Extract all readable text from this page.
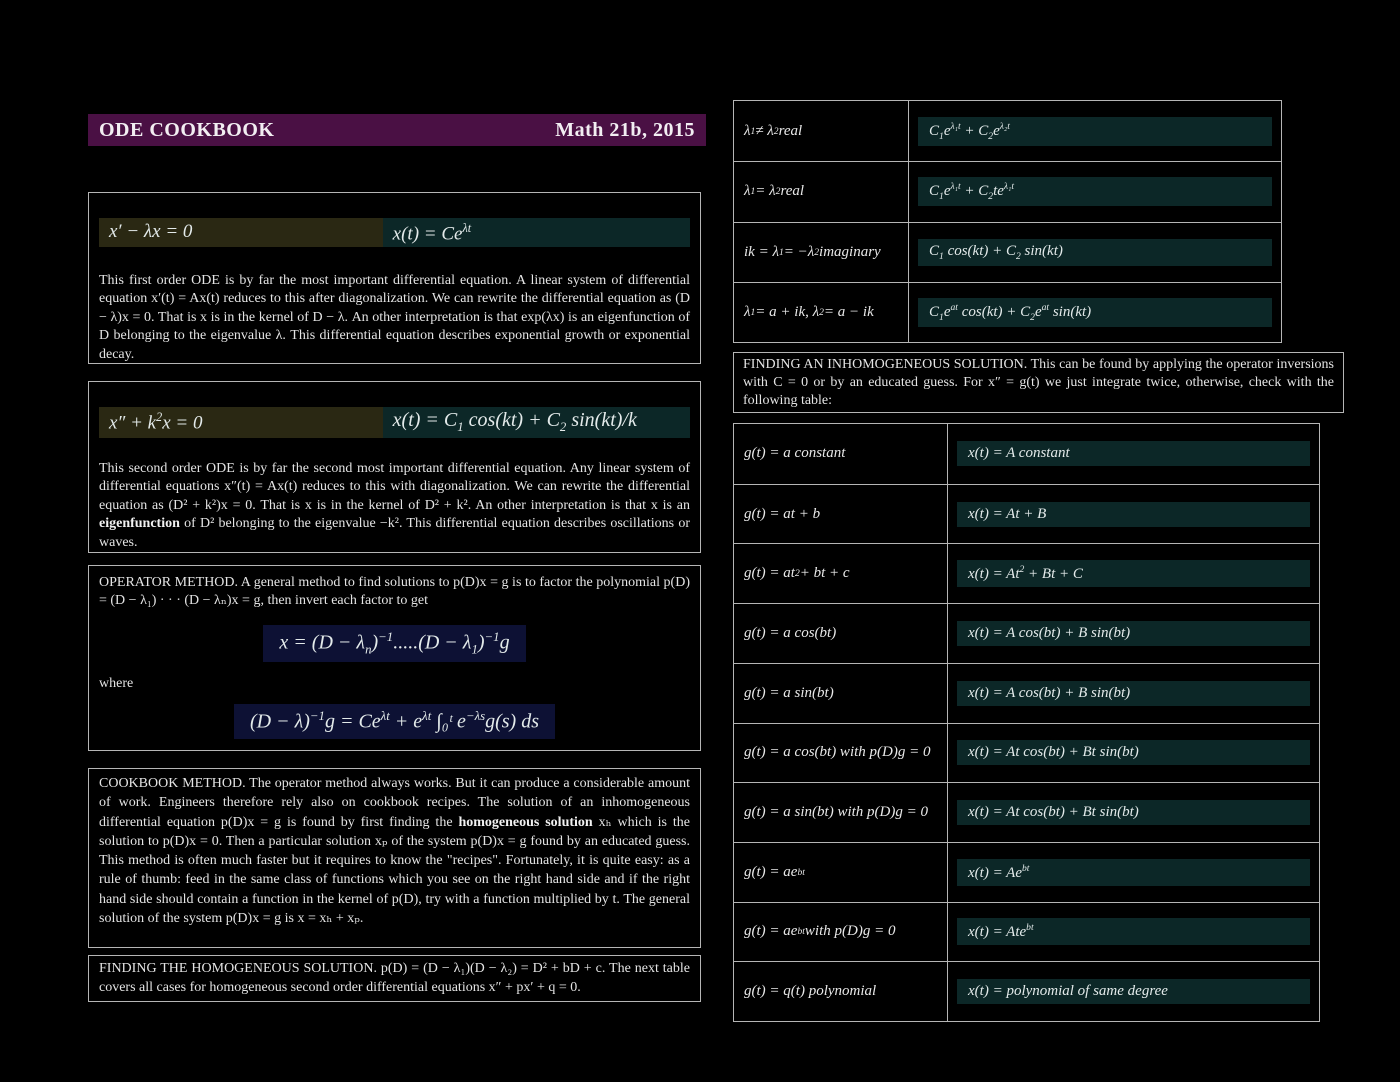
ODE COOKBOOK	Math 21b, 2015
x′ − λx = 0	$x(t) = Ce^{\lambda t}$

This first order ODE is by far the most important differential equation. A linear system of differential equation x′(t) = Ax(t) reduces to this after diagonalization. We can rewrite the differential equation as (D − λ)x = 0. That is x is in the kernel of D − λ. An other interpretation is that exp(λx) is an eigenfunction of D belonging to the eigenvalue λ. This differential equation describes exponential growth or exponential decay.

$x'' + k^2x = 0$	$x(t) = C_1$ $\cos(kt) + C_2$ sin(kt)/k

This second order ODE is by far the second most important differential equation. Any linear system of differential equations x″(t) = Ax(t) reduces to this with diagonalization. We can rewrite the differential equation as (D² + k²)x = 0. That is x is in the kernel of D² + k². An other interpretation is that x is an eigenfunction of D² belonging to the eigenvalue −k². This differential equation describes oscillations or waves.

OPERATOR METHOD. A general method to find solutions to p(D)x = g is to factor the polynomial p(D) = (D − λ₁) · · · (D − λₙ)x = g, then invert each factor to get

$x = (D - \lambda_n)^{-1}.....(D - \lambda_1)^{-1}g$

where

$(D - \lambda)^{-1}g = Ce^{\lambda t} + e^{\lambda t}$ ∫₀ᵗ $e^{-\lambda s}g(s)$ ds

COOKBOOK METHOD. The operator method always works. But it can produce a considerable amount of work. Engineers therefore rely also on cookbook recipes. The solution of an inhomogeneous differential equation p(D)x = g is found by first finding the homogeneous solution xₕ which is the solution to p(D)x = 0. Then a particular solution xₚ of the system p(D)x = g found by an educated guess. This method is often much faster but it requires to know the "recipes". Fortunately, it is quite easy: as a rule of thumb: feed in the same class of functions which you see on the right hand side and if the right hand side should contain a function in the kernel of p(D), try with a function multiplied by t. The general solution of the system p(D)x = g is x = xₕ + xₚ.

FINDING THE HOMOGENEOUS SOLUTION. p(D) = (D − λ₁)(D − λ₂) = D² + bD + c. The next table covers all cases for homogeneous second order differential equations x″ + px′ + q = 0.

λ 1 ≠ λ 2 real	$C_1e^{\lambda_1t} + C_2e^{\lambda_2t}$
λ 1 = λ 2 real	$C_1e^{\lambda_1t} + C_2te^{\lambda_1t}$
ik = λ 1 = −λ 2 imaginary	$C_1$ $\cos(kt) + C_2$ sin(kt)
λ 1 = a + ik, λ 2 = a − ik	$C_1e^{at}$ $\cos(kt) + C_2e^{at}$ sin(kt)

FINDING AN INHOMOGENEOUS SOLUTION. This can be found by applying the operator inversions with C = 0 or by an educated guess. For x″ = g(t) we just integrate twice, otherwise, check with the following table:

g(t) = a constant	x(t) = A constant
g(t) = at + b	x(t) = At + B
g(t) = at 2 + bt + c	$x(t) = At^2 + Bt + C$
g(t) = a cos(bt)	x(t) = A cos(bt) + B sin(bt)
g(t) = a sin(bt)	x(t) = A cos(bt) + B sin(bt)
g(t) = a cos(bt) with p(D)g = 0	x(t) = At cos(bt) + Bt sin(bt)
g(t) = a sin(bt) with p(D)g = 0	x(t) = At cos(bt) + Bt sin(bt)
g(t) = ae bt	$x(t) = Ae^{bt}$
g(t) = ae bt with p(D)g = 0	x(t) = Ate$^{bt}$
g(t) = q(t) polynomial	x(t) = polynomial of same degree
